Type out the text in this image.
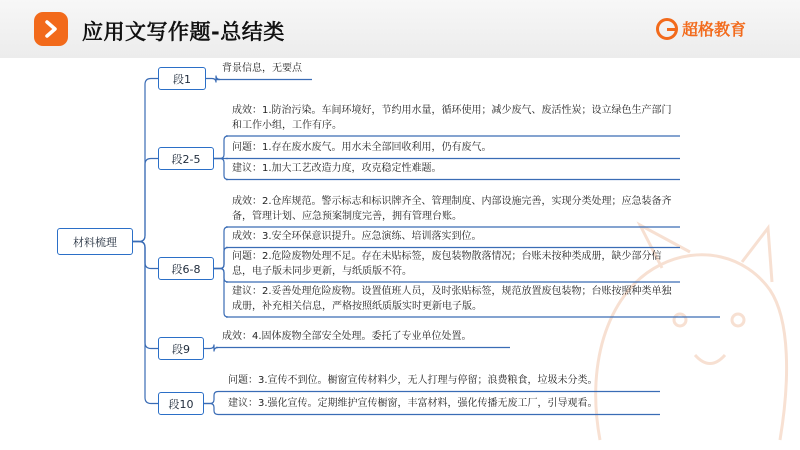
应用文写作题-总结类	超格教育
材料梳理
段1
背景信息，无要点
段2-5
成效：1.防治污染。车间环境好，节约用水量，循环使用；减少废气、废活性炭；设立绿色生产部门和工作小组，工作有序。
问题：1.存在废水废气。用水未全部回收利用，仍有废气。
建议：1.加大工艺改造力度，攻克稳定性难题。
段6-8
成效：2.仓库规范。警示标志和标识牌齐全、管理制度、内部设施完善，实现分类处理；应急装备齐备，管理计划、应急预案制度完善，拥有管理台账。
成效：3.安全环保意识提升。应急演练、培训落实到位。
问题：2.危险废物处理不足。存在未贴标签，废包装物散落情况；台账未按种类成册，缺少部分信息，电子版未同步更新，与纸质版不符。
建议：2.妥善处理危险废物。设置值班人员，及时张贴标签，规范放置废包装物；台账按照种类单独成册，补充相关信息，严格按照纸质版实时更新电子版。
段9
成效：4.固体废物全部安全处理。委托了专业单位处置。
段10
问题：3.宣传不到位。橱窗宣传材料少，无人打理与停留；浪费粮食，垃圾未分类。
建议：3.强化宣传。定期维护宣传橱窗，丰富材料，强化传播无废工厂，引导观看。
